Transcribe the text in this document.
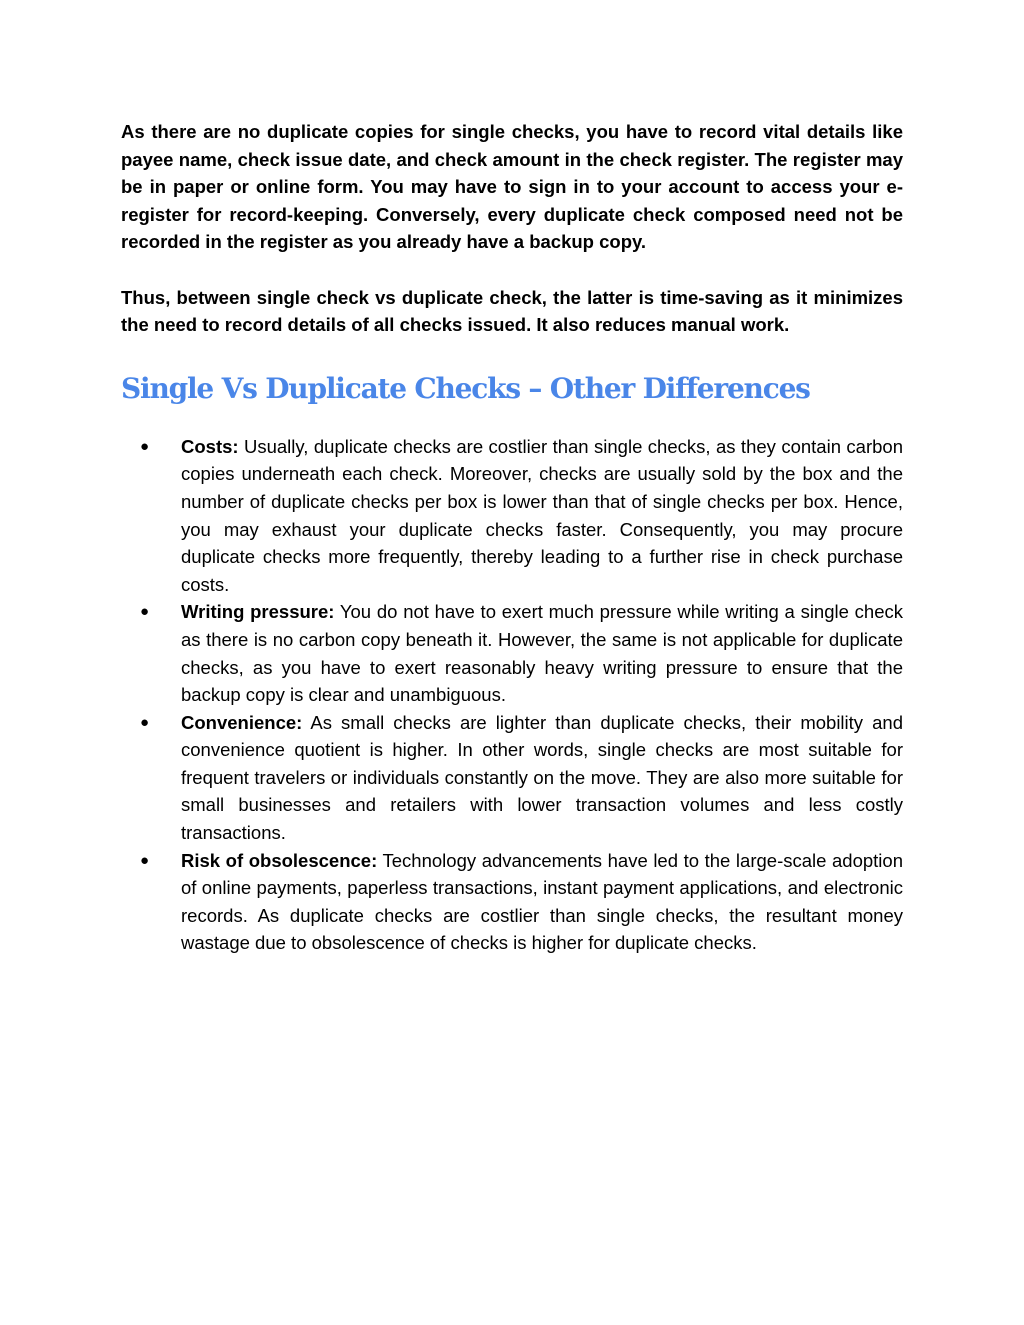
As there are no duplicate copies for single checks, you have to record vital details like payee name, check issue date, and check amount in the check register. The register may be in paper or online form. You may have to sign in to your account to access your e-register for record-keeping. Conversely, every duplicate check composed need not be recorded in the register as you already have a backup copy.

Thus, between single check vs duplicate check, the latter is time-saving as it minimizes the need to record details of all checks issued. It also reduces manual work.

Single Vs Duplicate Checks – Other Differences
● Costs: Usually, duplicate checks are costlier than single checks, as they contain carbon copies underneath each check. Moreover, checks are usually sold by the box and the number of duplicate checks per box is lower than that of single checks per box. Hence, you may exhaust your duplicate checks faster. Consequently, you may procure duplicate checks more frequently, thereby leading to a further rise in check purchase costs.
● Writing pressure: You do not have to exert much pressure while writing a single check as there is no carbon copy beneath it. However, the same is not applicable for duplicate checks, as you have to exert reasonably heavy writing pressure to ensure that the backup copy is clear and unambiguous.
● Convenience: As small checks are lighter than duplicate checks, their mobility and convenience quotient is higher. In other words, single checks are most suitable for frequent travelers or individuals constantly on the move. They are also more suitable for small businesses and retailers with lower transaction volumes and less costly transactions.
● Risk of obsolescence: Technology advancements have led to the large-scale adoption of online payments, paperless transactions, instant payment applications, and electronic records. As duplicate checks are costlier than single checks, the resultant money wastage due to obsolescence of checks is higher for duplicate checks.
